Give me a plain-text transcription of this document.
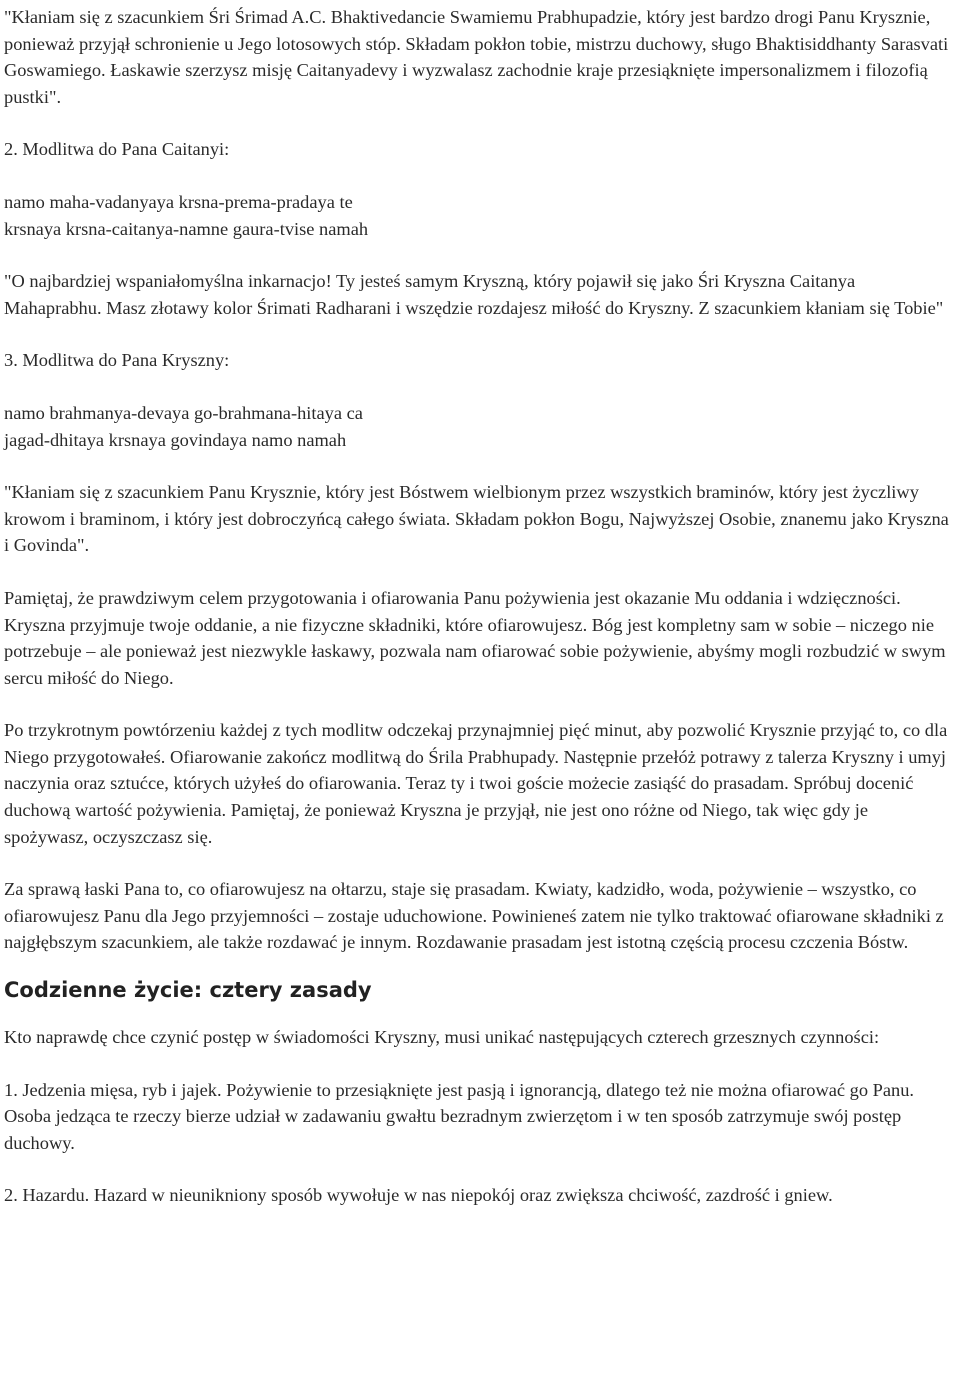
"Kłaniam się z szacunkiem Śri Śrimad A.C. Bhaktivedancie Swamiemu Prabhupadzie, który jest bardzo drogi Panu Krysznie, ponieważ przyjął schronienie u Jego lotosowych stóp. Składam pokłon tobie, mistrzu duchowy, sługo Bhaktisiddhanty Sarasvati Goswamiego. Łaskawie szerzysz misję Caitanyadevy i wyzwalasz zachodnie kraje przesiąknięte impersonalizmem i filozofią pustki".

2. Modlitwa do Pana Caitanyi:

namo maha-vadanyaya krsna-prema-pradaya te

krsnaya krsna-caitanya-namne gaura-tvise namah

"O najbardziej wspaniałomyślna inkarnacjo! Ty jesteś samym Kryszną, który pojawił się jako Śri Kryszna Caitanya Mahaprabhu. Masz złotawy kolor Śrimati Radharani i wszędzie rozdajesz miłość do Kryszny. Z szacunkiem kłaniam się Tobie"

3. Modlitwa do Pana Kryszny:

namo brahmanya-devaya go-brahmana-hitaya ca

jagad-dhitaya krsnaya govindaya namo namah

"Kłaniam się z szacunkiem Panu Krysznie, który jest Bóstwem wielbionym przez wszystkich braminów, który jest życzliwy krowom i braminom, i który jest dobroczyńcą całego świata. Składam pokłon Bogu, Najwyższej Osobie, znanemu jako Kryszna i Govinda".

Pamiętaj, że prawdziwym celem przygotowania i ofiarowania Panu pożywienia jest okazanie Mu oddania i wdzięczności. Kryszna przyjmuje twoje oddanie, a nie fizyczne składniki, które ofiarowujesz. Bóg jest kompletny sam w sobie – niczego nie potrzebuje – ale ponieważ jest niezwykle łaskawy, pozwala nam ofiarować sobie pożywienie, abyśmy mogli rozbudzić w swym sercu miłość do Niego.

Po trzykrotnym powtórzeniu każdej z tych modlitw odczekaj przynajmniej pięć minut, aby pozwolić Krysznie przyjąć to, co dla Niego przygotowałeś. Ofiarowanie zakończ modlitwą do Śrila Prabhupady. Następnie przełóż potrawy z talerza Kryszny i umyj naczynia oraz sztućce, których użyłeś do ofiarowania. Teraz ty i twoi goście możecie zasiąść do prasadam. Spróbuj docenić duchową wartość pożywienia. Pamiętaj, że ponieważ Kryszna je przyjął, nie jest ono różne od Niego, tak więc gdy je spożywasz, oczyszczasz się.

Za sprawą łaski Pana to, co ofiarowujesz na ołtarzu, staje się prasadam. Kwiaty, kadzidło, woda, pożywienie – wszystko, co ofiarowujesz Panu dla Jego przyjemności – zostaje uduchowione. Powinieneś zatem nie tylko traktować ofiarowane składniki z najgłębszym szacunkiem, ale także rozdawać je innym. Rozdawanie prasadam jest istotną częścią procesu czczenia Bóstw.

Codzienne życie: cztery zasady

Kto naprawdę chce czynić postęp w świadomości Kryszny, musi unikać następujących czterech grzesznych czynności:

1. Jedzenia mięsa, ryb i jajek. Pożywienie to przesiąknięte jest pasją i ignorancją, dlatego też nie można ofiarować go Panu. Osoba jedząca te rzeczy bierze udział w zadawaniu gwałtu bezradnym zwierzętom i w ten sposób zatrzymuje swój postęp duchowy.

2. Hazardu. Hazard w nieunikniony sposób wywołuje w nas niepokój oraz zwiększa chciwość, zazdrość i gniew.
